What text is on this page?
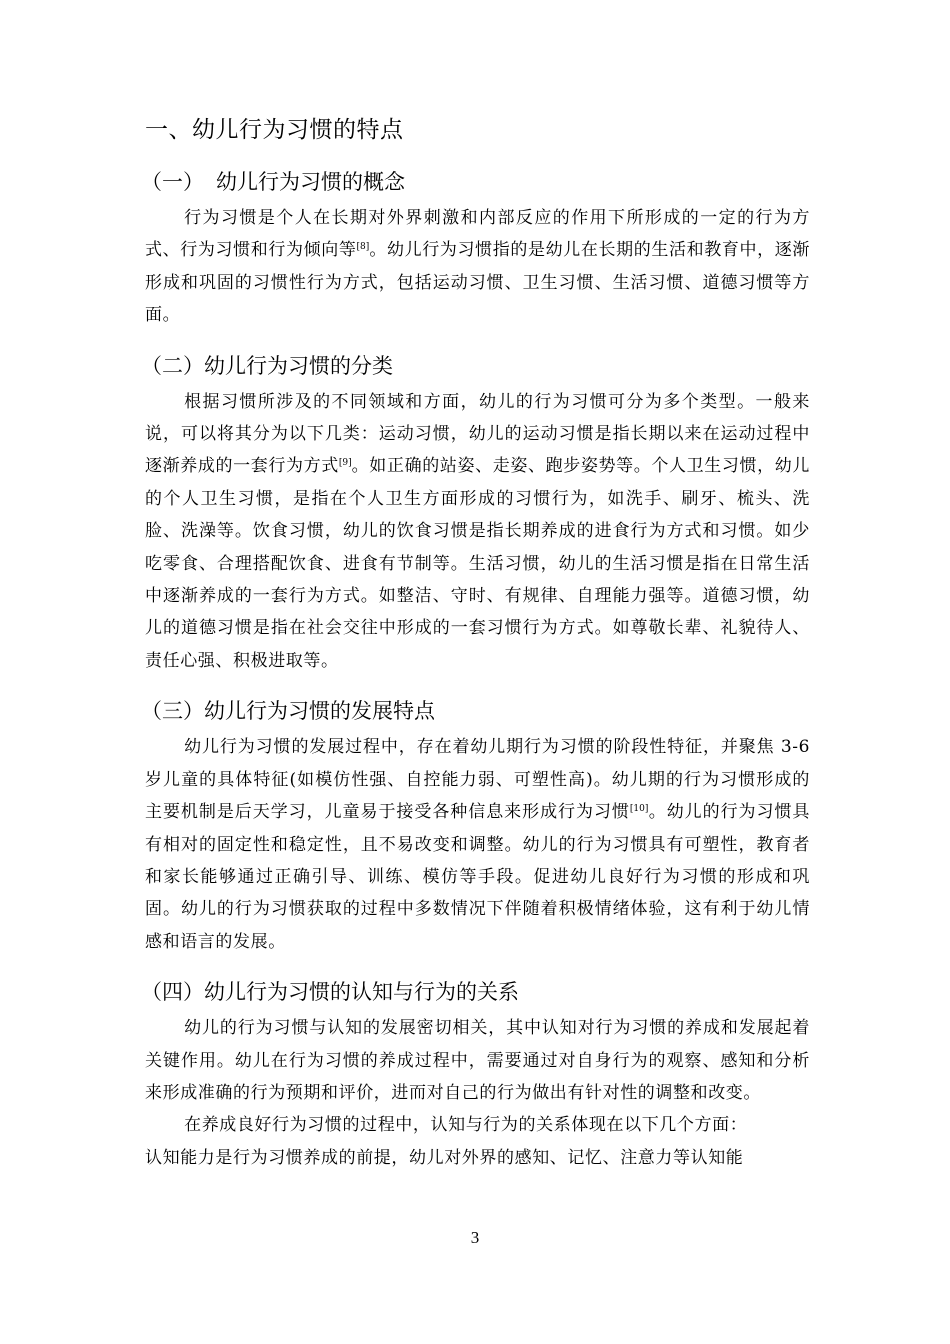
一、幼儿行为习惯的特点
（一） 幼儿行为习惯的概念

行为习惯是个人在长期对外界刺激和内部反应的作用下所形成的一定的行为方式、行为习惯和行为倾向等[8]。幼儿行为习惯指的是幼儿在长期的生活和教育中，逐渐形成和巩固的习惯性行为方式，包括运动习惯、卫生习惯、生活习惯、道德习惯等方面。

（二）幼儿行为习惯的分类

根据习惯所涉及的不同领域和方面，幼儿的行为习惯可分为多个类型。一般来说，可以将其分为以下几类：运动习惯，幼儿的运动习惯是指长期以来在运动过程中逐渐养成的一套行为方式[9]。如正确的站姿、走姿、跑步姿势等。个人卫生习惯，幼儿的个人卫生习惯，是指在个人卫生方面形成的习惯行为，如洗手、刷牙、梳头、洗脸、洗澡等。饮食习惯，幼儿的饮食习惯是指长期养成的进食行为方式和习惯。如少吃零食、合理搭配饮食、进食有节制等。生活习惯，幼儿的生活习惯是指在日常生活中逐渐养成的一套行为方式。如整洁、守时、有规律、自理能力强等。道德习惯，幼儿的道德习惯是指在社会交往中形成的一套习惯行为方式。如尊敬长辈、礼貌待人、责任心强、积极进取等。

（三）幼儿行为习惯的发展特点

幼儿行为习惯的发展过程中，存在着幼儿期行为习惯的阶段性特征，并聚焦 3-6 岁儿童的具体特征(如模仿性强、自控能力弱、可塑性高)。幼儿期的行为习惯形成的主要机制是后天学习，儿童易于接受各种信息来形成行为习惯[10]。幼儿的行为习惯具有相对的固定性和稳定性，且不易改变和调整。幼儿的行为习惯具有可塑性，教育者和家长能够通过正确引导、训练、模仿等手段。促进幼儿良好行为习惯的形成和巩固。幼儿的行为习惯获取的过程中多数情况下伴随着积极情绪体验，这有利于幼儿情感和语言的发展。

（四）幼儿行为习惯的认知与行为的关系

幼儿的行为习惯与认知的发展密切相关，其中认知对行为习惯的养成和发展起着关键作用。幼儿在行为习惯的养成过程中，需要通过对自身行为的观察、感知和分析来形成准确的行为预期和评价，进而对自己的行为做出有针对性的调整和改变。

在养成良好行为习惯的过程中，认知与行为的关系体现在以下几个方面：

认知能力是行为习惯养成的前提，幼儿对外界的感知、记忆、注意力等认知能

3
